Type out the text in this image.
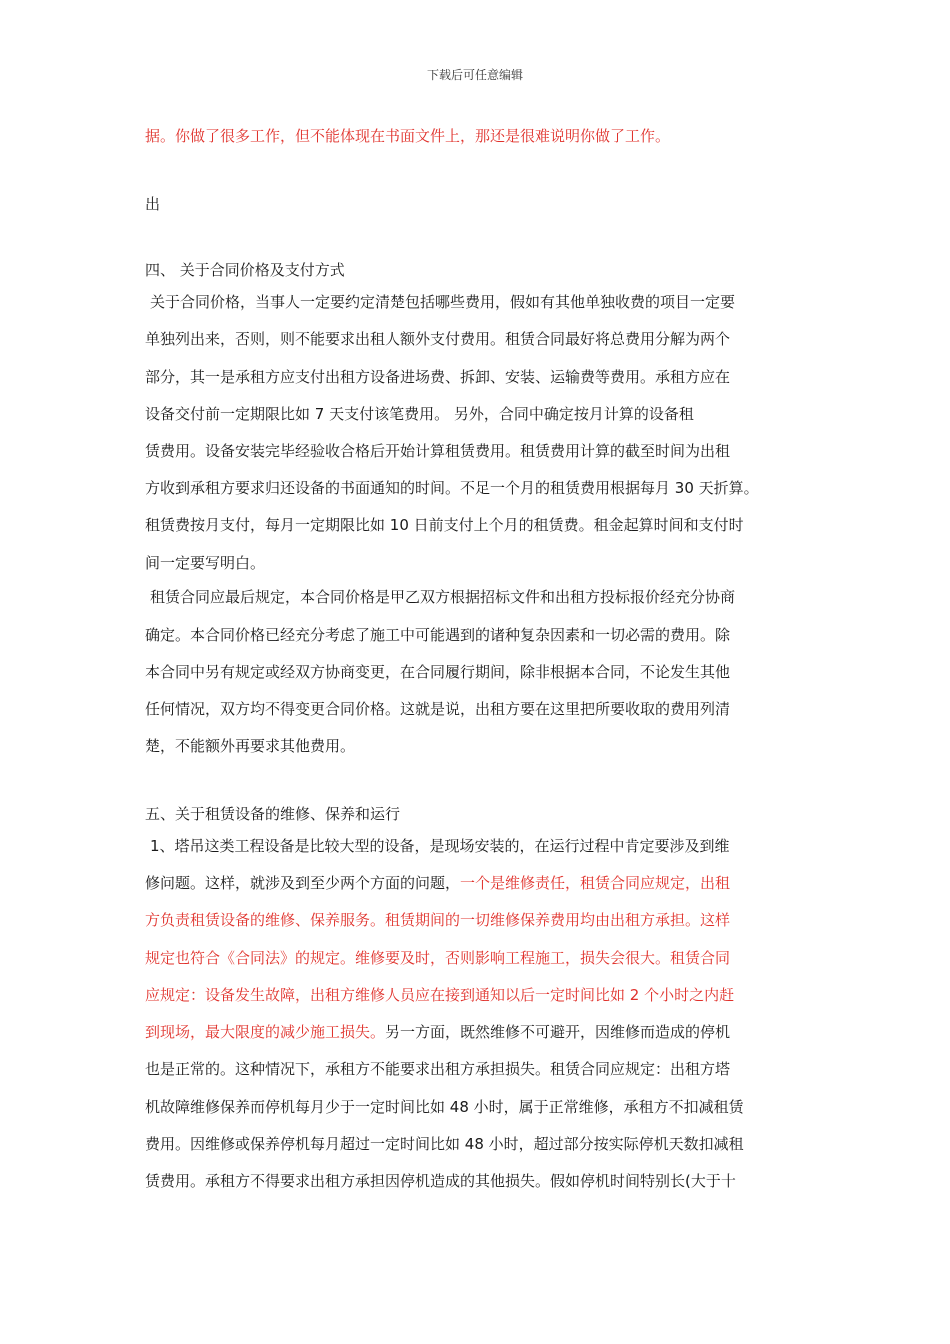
下载后可任意编辑
据。你做了很多工作，但不能体现在书面文件上，那还是很难说明你做了工作。
出
四、 关于合同价格及支付方式
关于合同价格，当事人一定要约定清楚包括哪些费用，假如有其他单独收费的项目一定要
单独列出来，否则，则不能要求出租人额外支付费用。租赁合同最好将总费用分解为两个
部分，其一是承租方应支付出租方设备进场费、拆卸、安装、运输费等费用。承租方应在
设备交付前一定期限比如 7 天支付该笔费用。 另外，合同中确定按月计算的设备租
赁费用。设备安装完毕经验收合格后开始计算租赁费用。租赁费用计算的截至时间为出租
方收到承租方要求归还设备的书面通知的时间。不足一个月的租赁费用根据每月 30 天折算。
租赁费按月支付，每月一定期限比如 10 日前支付上个月的租赁费。租金起算时间和支付时
间一定要写明白。
租赁合同应最后规定，本合同价格是甲乙双方根据招标文件和出租方投标报价经充分协商
确定。本合同价格已经充分考虑了施工中可能遇到的诸种复杂因素和一切必需的费用。除
本合同中另有规定或经双方协商变更，在合同履行期间，除非根据本合同，不论发生其他
任何情况，双方均不得变更合同价格。这就是说，出租方要在这里把所要收取的费用列清
楚，不能额外再要求其他费用。
五、关于租赁设备的维修、保养和运行
1、塔吊这类工程设备是比较大型的设备，是现场安装的，在运行过程中肯定要涉及到维
修问题。这样，就涉及到至少两个方面的问题，一个是维修责任，租赁合同应规定，出租
方负责租赁设备的维修、保养服务。租赁期间的一切维修保养费用均由出租方承担。这样
规定也符合《合同法》的规定。维修要及时，否则影响工程施工，损失会很大。租赁合同
应规定：设备发生故障，出租方维修人员应在接到通知以后一定时间比如 2 个小时之内赶
到现场，最大限度的减少施工损失。另一方面，既然维修不可避开，因维修而造成的停机
也是正常的。这种情况下，承租方不能要求出租方承担损失。租赁合同应规定：出租方塔
机故障维修保养而停机每月少于一定时间比如 48 小时，属于正常维修，承租方不扣减租赁
费用。因维修或保养停机每月超过一定时间比如 48 小时，超过部分按实际停机天数扣减租
赁费用。承租方不得要求出租方承担因停机造成的其他损失。假如停机时间特别长(大于十
